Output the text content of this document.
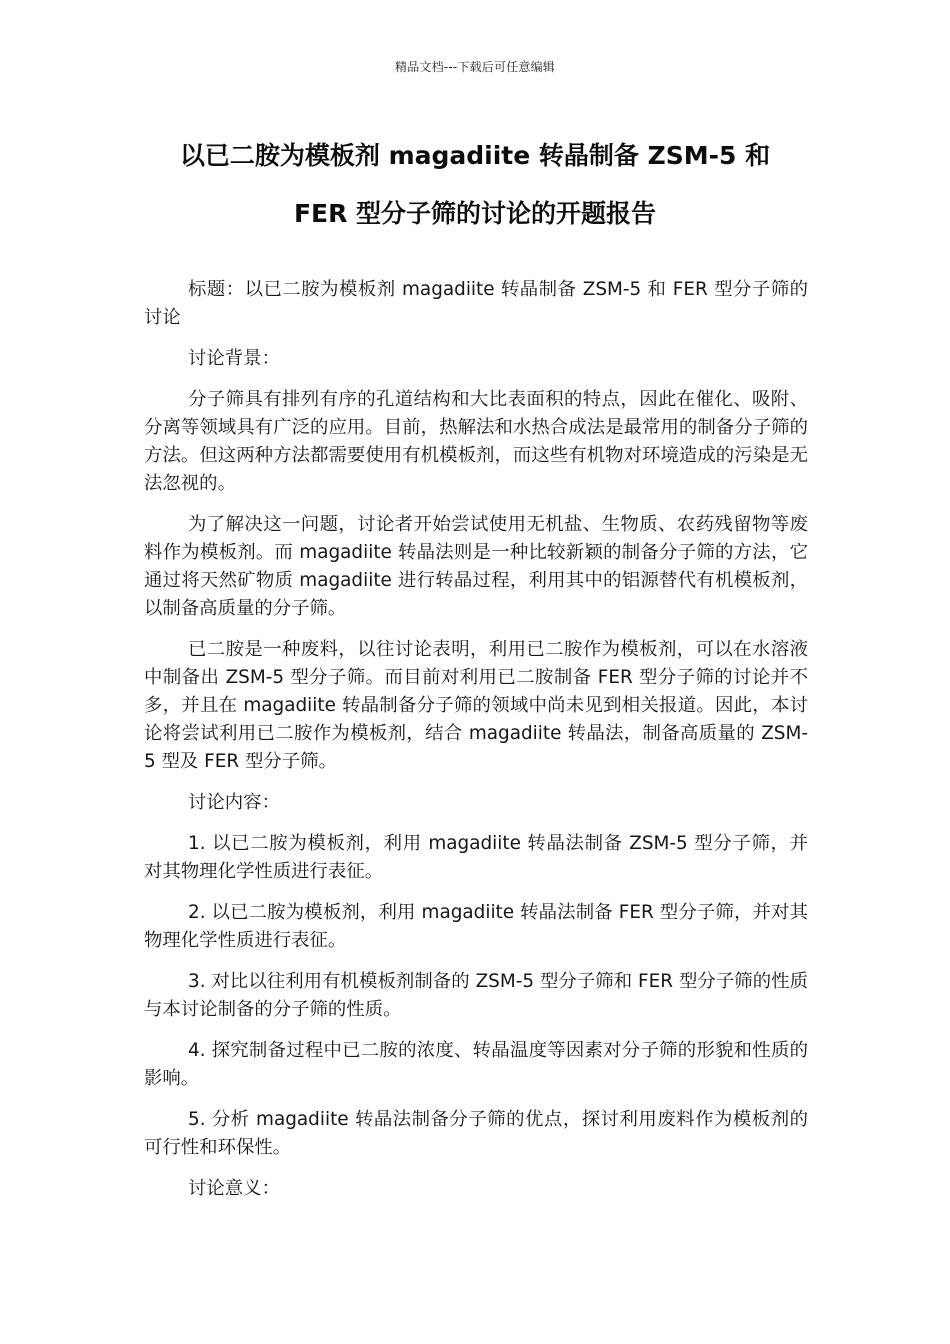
精品文档---下载后可任意编辑
以已二胺为模板剂 magadiite 转晶制备 ZSM-5 和
FER 型分子筛的讨论的开题报告

标题：以已二胺为模板剂 magadiite 转晶制备 ZSM-5 和 FER 型分子筛的讨论

讨论背景：

分子筛具有排列有序的孔道结构和大比表面积的特点，因此在催化、吸附、分离等领域具有广泛的应用。目前，热解法和水热合成法是最常用的制备分子筛的方法。但这两种方法都需要使用有机模板剂，而这些有机物对环境造成的污染是无法忽视的。

为了解决这一问题，讨论者开始尝试使用无机盐、生物质、农药残留物等废料作为模板剂。而 magadiite 转晶法则是一种比较新颖的制备分子筛的方法，它通过将天然矿物质 magadiite 进行转晶过程，利用其中的铝源替代有机模板剂，以制备高质量的分子筛。

已二胺是一种废料，以往讨论表明，利用已二胺作为模板剂，可以在水溶液中制备出 ZSM-5 型分子筛。而目前对利用已二胺制备 FER 型分子筛的讨论并不多，并且在 magadiite 转晶制备分子筛的领域中尚未见到相关报道。因此，本讨论将尝试利用已二胺作为模板剂，结合 magadiite 转晶法，制备高质量的 ZSM-5 型及 FER 型分子筛。

讨论内容：

1. 以已二胺为模板剂，利用 magadiite 转晶法制备 ZSM-5 型分子筛，并对其物理化学性质进行表征。

2. 以已二胺为模板剂，利用 magadiite 转晶法制备 FER 型分子筛，并对其物理化学性质进行表征。

3. 对比以往利用有机模板剂制备的 ZSM-5 型分子筛和 FER 型分子筛的性质与本讨论制备的分子筛的性质。

4. 探究制备过程中已二胺的浓度、转晶温度等因素对分子筛的形貌和性质的影响。

5. 分析 magadiite 转晶法制备分子筛的优点，探讨利用废料作为模板剂的可行性和环保性。

讨论意义：
